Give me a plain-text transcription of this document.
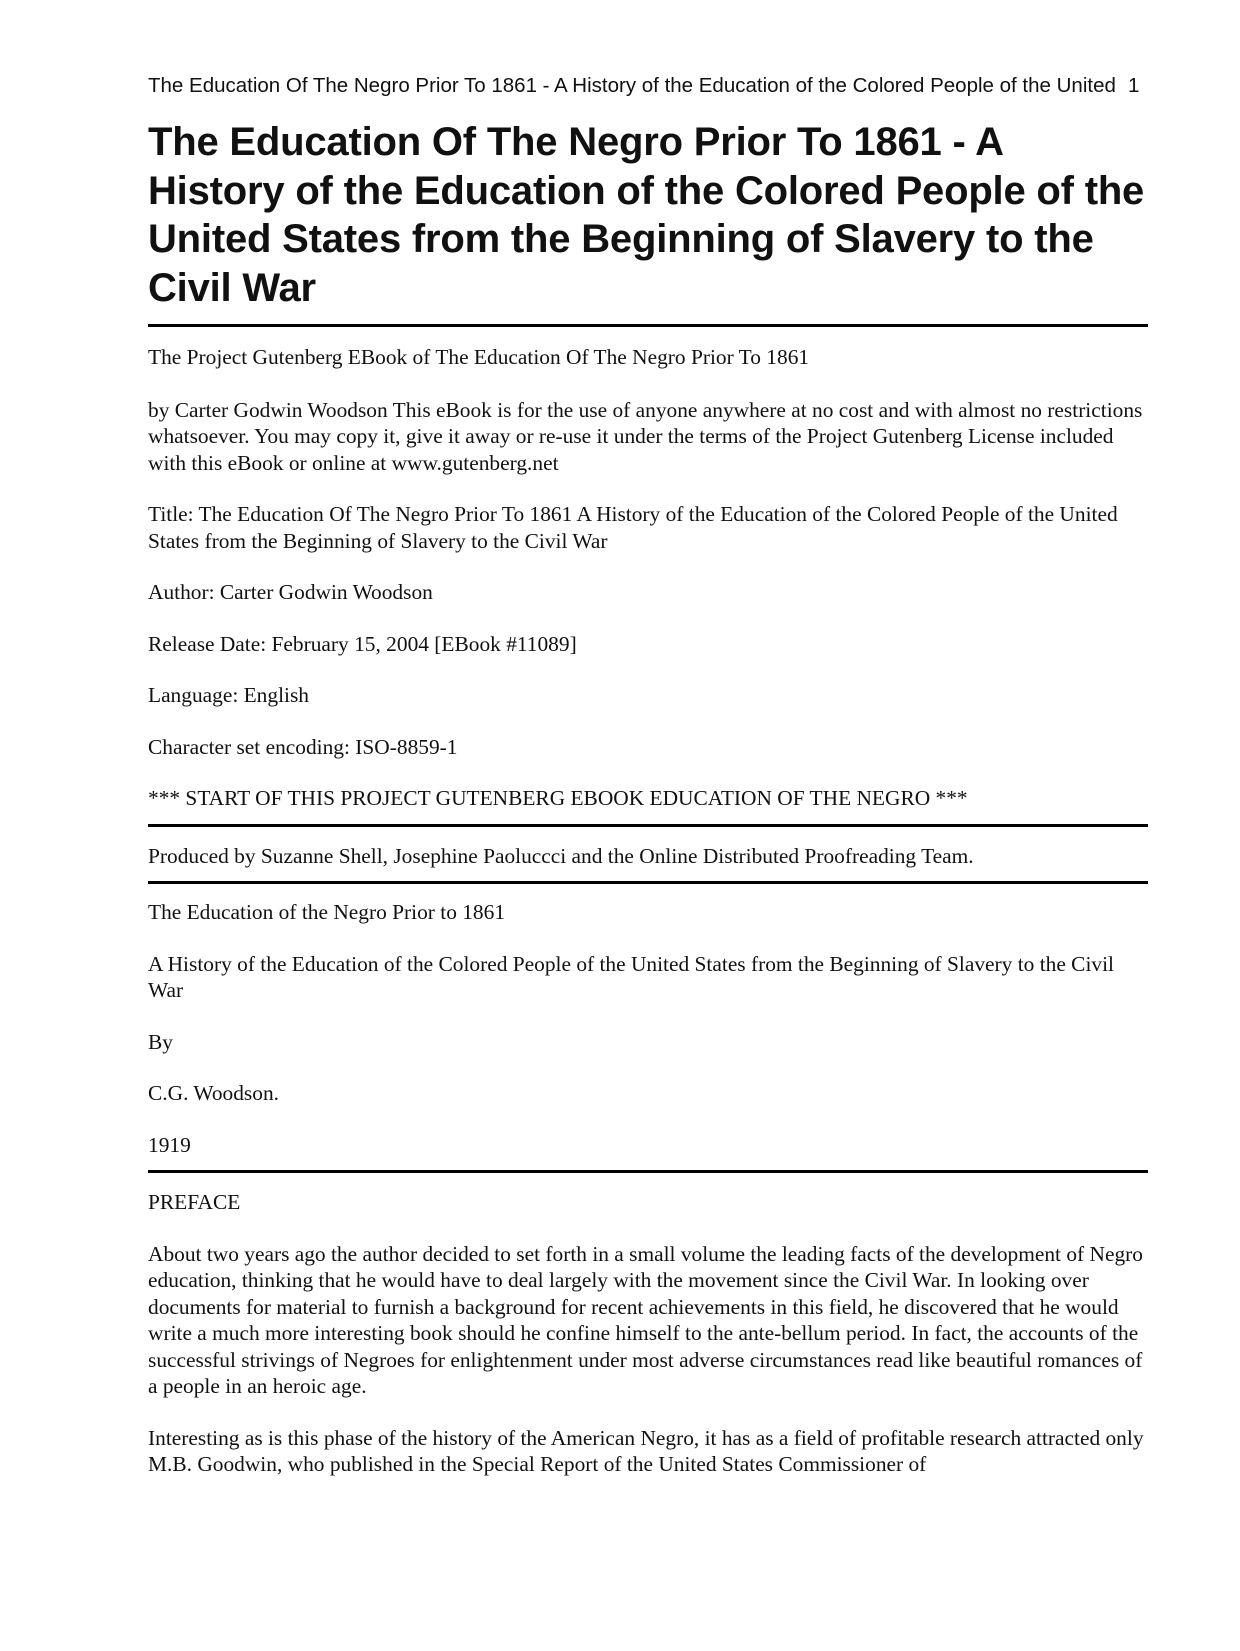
The Education Of The Negro Prior To 1861 - A History of the Education of the Colored People of the United 1
The Education Of The Negro Prior To 1861 - A History of the Education of the Colored People of the United States from the Beginning of Slavery to the Civil War

The Project Gutenberg EBook of The Education Of The Negro Prior To 1861

by Carter Godwin Woodson This eBook is for the use of anyone anywhere at no cost and with almost no restrictions whatsoever. You may copy it, give it away or re-use it under the terms of the Project Gutenberg License included with this eBook or online at www.gutenberg.net

Title: The Education Of The Negro Prior To 1861 A History of the Education of the Colored People of the United States from the Beginning of Slavery to the Civil War

Author: Carter Godwin Woodson

Release Date: February 15, 2004 [EBook #11089]

Language: English

Character set encoding: ISO-8859-1

*** START OF THIS PROJECT GUTENBERG EBOOK EDUCATION OF THE NEGRO ***

Produced by Suzanne Shell, Josephine Paoluccci and the Online Distributed Proofreading Team.

The Education of the Negro Prior to 1861

A History of the Education of the Colored People of the United States from the Beginning of Slavery to the Civil War

By

C.G. Woodson.

1919

PREFACE

About two years ago the author decided to set forth in a small volume the leading facts of the development of Negro education, thinking that he would have to deal largely with the movement since the Civil War. In looking over documents for material to furnish a background for recent achievements in this field, he discovered that he would write a much more interesting book should he confine himself to the ante-bellum period. In fact, the accounts of the successful strivings of Negroes for enlightenment under most adverse circumstances read like beautiful romances of a people in an heroic age.

Interesting as is this phase of the history of the American Negro, it has as a field of profitable research attracted only M.B. Goodwin, who published in the Special Report of the United States Commissioner of
